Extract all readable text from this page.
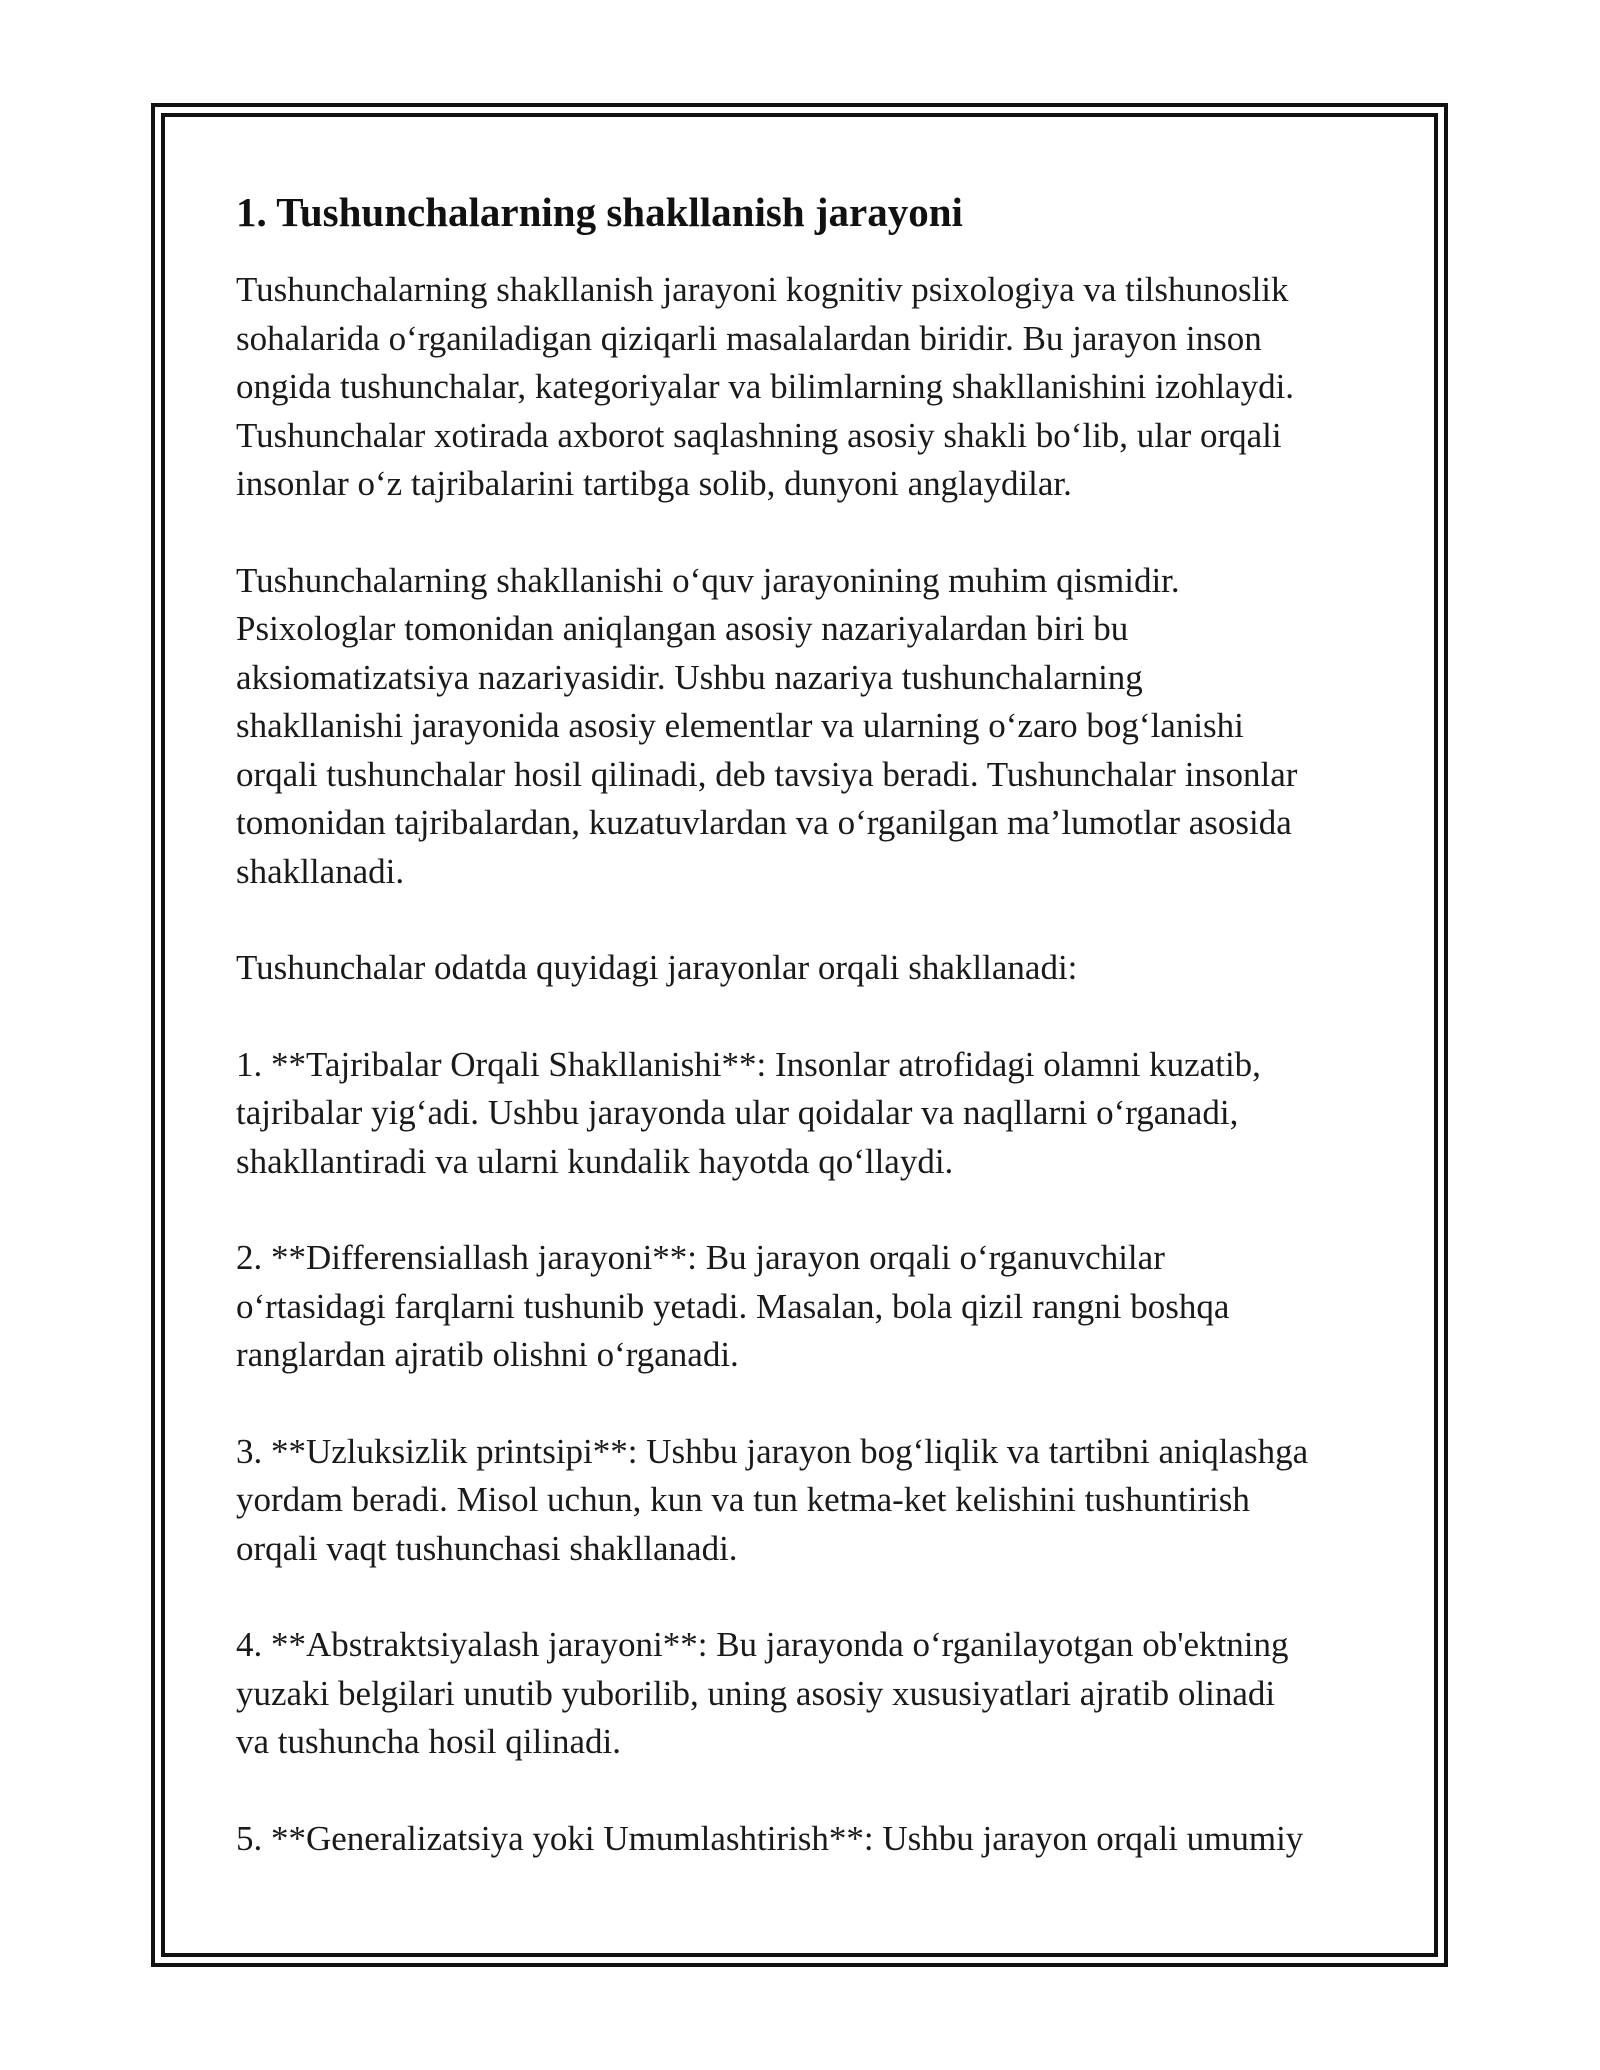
1. Tushunchalarning shakllanish jarayoni

Tushunchalarning shakllanish jarayoni kognitiv psixologiya va tilshunoslik
sohalarida o‘rganiladigan qiziqarli masalalardan biridir. Bu jarayon inson
ongida tushunchalar, kategoriyalar va bilimlarning shakllanishini izohlaydi.
Tushunchalar xotirada axborot saqlashning asosiy shakli bo‘lib, ular orqali
insonlar o‘z tajribalarini tartibga solib, dunyoni anglaydilar.

Tushunchalarning shakllanishi o‘quv jarayonining muhim qismidir.
Psixologlar tomonidan aniqlangan asosiy nazariyalardan biri bu
aksiomatizatsiya nazariyasidir. Ushbu nazariya tushunchalarning
shakllanishi jarayonida asosiy elementlar va ularning o‘zaro bog‘lanishi
orqali tushunchalar hosil qilinadi, deb tavsiya beradi. Tushunchalar insonlar
tomonidan tajribalardan, kuzatuvlardan va o‘rganilgan ma’lumotlar asosida
shakllanadi.

Tushunchalar odatda quyidagi jarayonlar orqali shakllanadi:

1. **Tajribalar Orqali Shakllanishi**: Insonlar atrofidagi olamni kuzatib,
tajribalar yig‘adi. Ushbu jarayonda ular qoidalar va naqllarni o‘rganadi,
shakllantiradi va ularni kundalik hayotda qo‘llaydi.

2. **Differensiallash jarayoni**: Bu jarayon orqali o‘rganuvchilar
o‘rtasidagi farqlarni tushunib yetadi. Masalan, bola qizil rangni boshqa
ranglardan ajratib olishni o‘rganadi.

3. **Uzluksizlik printsipi**: Ushbu jarayon bog‘liqlik va tartibni aniqlashga
yordam beradi. Misol uchun, kun va tun ketma-ket kelishini tushuntirish
orqali vaqt tushunchasi shakllanadi.

4. **Abstraktsiyalash jarayoni**: Bu jarayonda o‘rganilayotgan ob'ektning
yuzaki belgilari unutib yuborilib, uning asosiy xususiyatlari ajratib olinadi
va tushuncha hosil qilinadi.

5. **Generalizatsiya yoki Umumlashtirish**: Ushbu jarayon orqali umumiy
